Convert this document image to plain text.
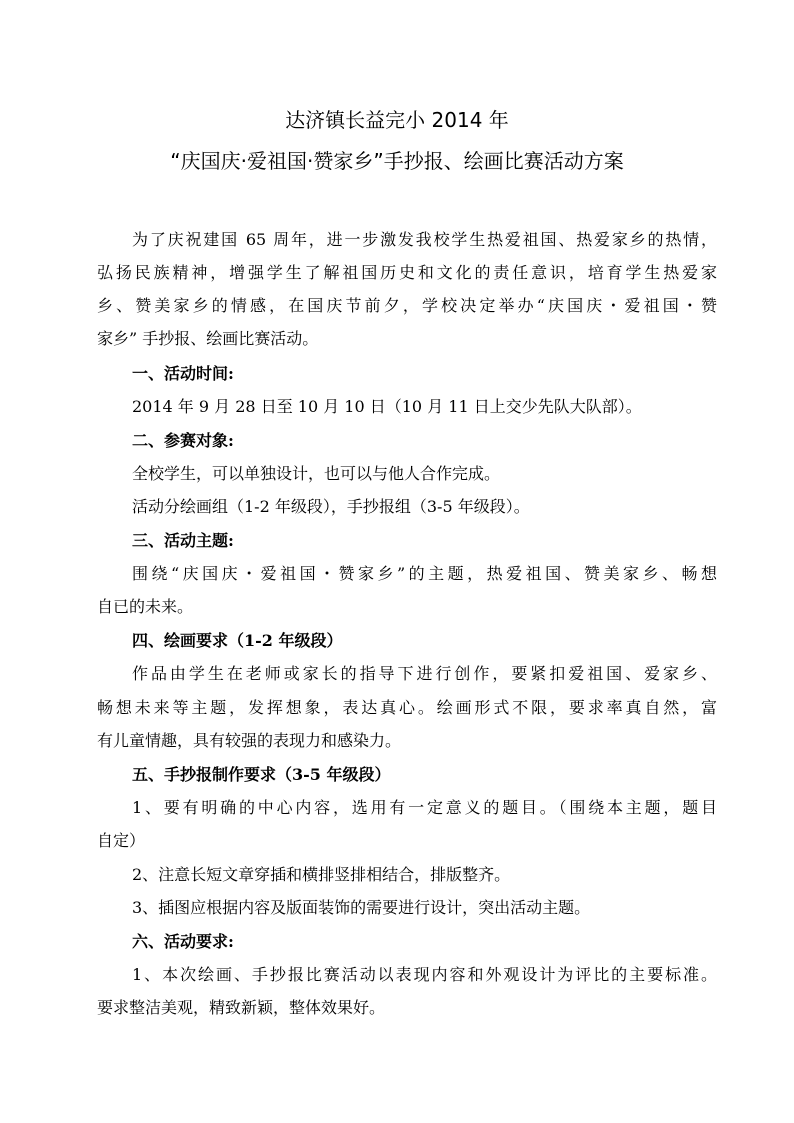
达济镇长益完小 2014 年
“庆国庆·爱祖国·赞家乡”手抄报、绘画比赛活动方案
为了庆祝建国 65 周年，进一步激发我校学生热爱祖国、热爱家乡的热情，
弘扬民族精神，增强学生了解祖国历史和文化的责任意识，培育学生热爱家
乡、赞美家乡的情感，在国庆节前夕，学校决定举办“庆国庆・爱祖国・赞
家乡” 手抄报、绘画比赛活动。
一、活动时间:
2014 年 9 月 28 日至 10 月 10 日（10 月 11 日上交少先队大队部）。
二、参赛对象:
全校学生，可以单独设计，也可以与他人合作完成。
活动分绘画组（1-2 年级段），手抄报组（3-5 年级段）。
三、活动主题:
围绕“庆国庆・爱祖国・赞家乡”的主题，热爱祖国、赞美家乡、畅想
自已的未来。
四、绘画要求（1-2 年级段）
作品由学生在老师或家长的指导下进行创作，要紧扣爱祖国、爱家乡、
畅想未来等主题，发挥想象，表达真心。绘画形式不限，要求率真自然，富
有儿童情趣，具有较强的表现力和感染力。
五、手抄报制作要求（3-5 年级段）
1、要有明确的中心内容，选用有一定意义的题目。（围绕本主题，题目
自定）
2、注意长短文章穿插和横排竖排相结合，排版整齐。
3、插图应根据内容及版面装饰的需要进行设计，突出活动主题。
六、活动要求:
1、本次绘画、手抄报比赛活动以表现内容和外观设计为评比的主要标准。
要求整洁美观，精致新颖，整体效果好。
